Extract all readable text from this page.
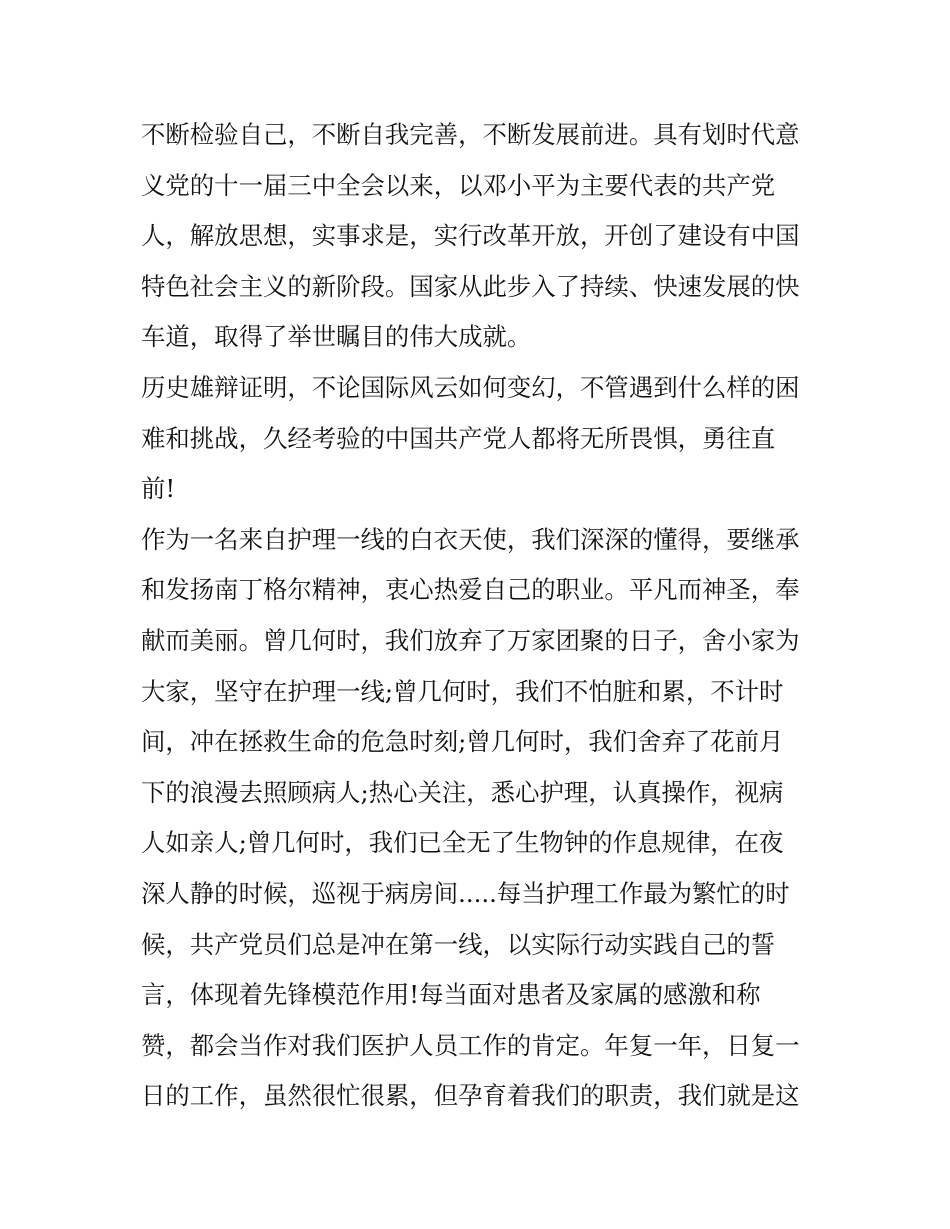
不断检验自己，不断自我完善，不断发展前进。具有划时代意
义党的十一届三中全会以来，以邓小平为主要代表的共产党
人，解放思想，实事求是，实行改革开放，开创了建设有中国
特色社会主义的新阶段。国家从此步入了持续、快速发展的快
车道，取得了举世瞩目的伟大成就。
历史雄辩证明，不论国际风云如何变幻，不管遇到什么样的困
难和挑战，久经考验的中国共产党人都将无所畏惧，勇往直
前!
作为一名来自护理一线的白衣天使，我们深深的懂得，要继承
和发扬南丁格尔精神，衷心热爱自己的职业。平凡而神圣，奉
献而美丽。曾几何时，我们放弃了万家团聚的日子，舍小家为
大家，坚守在护理一线;曾几何时，我们不怕脏和累，不计时
间，冲在拯救生命的危急时刻;曾几何时，我们舍弃了花前月
下的浪漫去照顾病人;热心关注，悉心护理，认真操作，视病
人如亲人;曾几何时，我们已全无了生物钟的作息规律，在夜
深人静的时候，巡视于病房间.....每当护理工作最为繁忙的时
候，共产党员们总是冲在第一线，以实际行动实践自己的誓
言，体现着先锋模范作用!每当面对患者及家属的感激和称
赞，都会当作对我们医护人员工作的肯定。年复一年，日复一
日的工作，虽然很忙很累，但孕育着我们的职责，我们就是这
